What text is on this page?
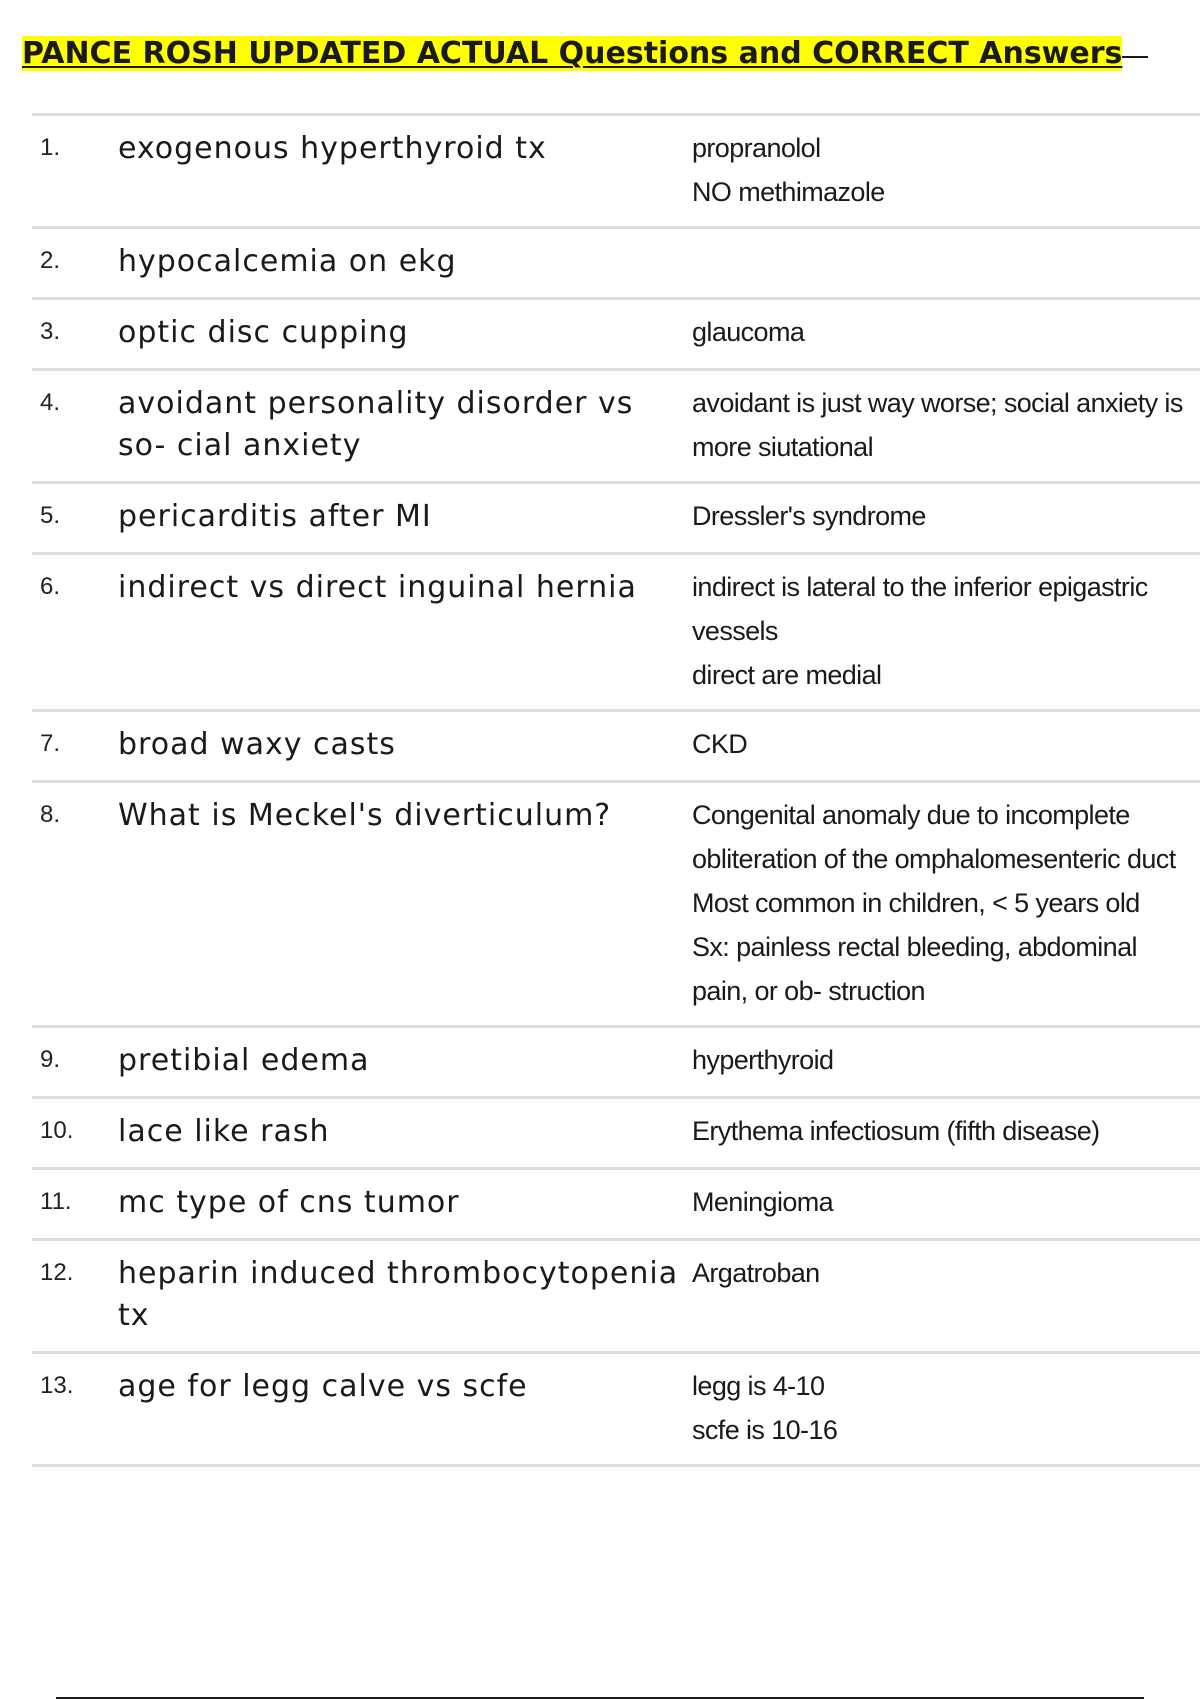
PANCE ROSH UPDATED ACTUAL Questions and CORRECT Answers
1.	exogenous hyperthyroid tx	propranolol
NO methimazole

2.	hypocalcemia on ekg	
3.	optic disc cupping	glaucoma

4.	avoidant personality disorder vs so- cial anxiety	avoidant is just way worse; social anxiety is more siutational

5.	pericarditis after MI	Dressler's syndrome

6.	indirect vs direct inguinal hernia	indirect is lateral to the inferior epigastric vessels
direct are medial

7.	broad waxy casts	CKD

8.	What is Meckel's diverticulum?	Congenital anomaly due to incomplete obliteration of the omphalomesenteric duct
Most common in children, < 5 years old
Sx: painless rectal bleeding, abdominal pain, or ob- struction

9.	pretibial edema	hyperthyroid

10.	lace like rash	Erythema infectiosum (fifth disease)

11.	mc type of cns tumor	Meningioma

12.	heparin induced thrombocytopenia tx	Argatroban

13.	age for legg calve vs scfe	legg is 4-10
scfe is 10-16
